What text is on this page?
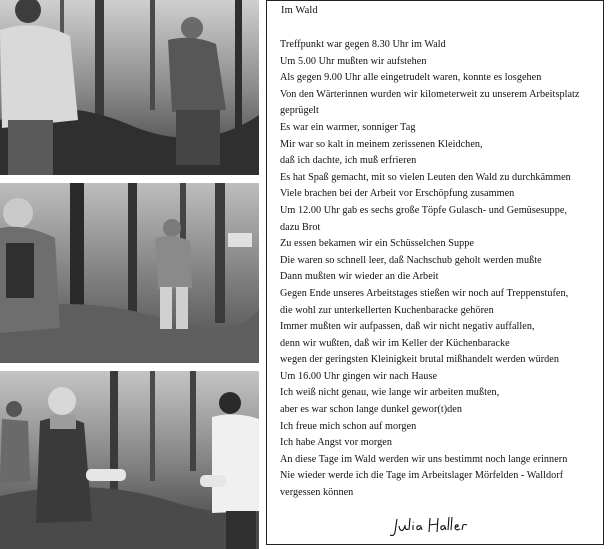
Im Wald
Treffpunkt war gegen 8.30 Uhr im Wald
Um 5.00 Uhr mußten wir aufstehen
Als gegen 9.00 Uhr alle eingetrudelt waren, konnte es losgehen
Von den Wärterinnen wurden wir kilometerweit zu unserem Arbeitsplatz
geprügelt
Es war ein warmer, sonniger Tag
Mir war so kalt in meinem zerissenen Kleidchen,
daß ich dachte, ich muß erfrieren
Es hat Spaß gemacht, mit so vielen Leuten den Wald zu durchkämmen
Viele brachen bei der Arbeit vor Erschöpfung zusammen
Um 12.00 Uhr gab es sechs große Töpfe Gulasch- und Gemüsesuppe,
dazu Brot
Zu essen bekamen wir ein Schüsselchen Suppe
Die waren so schnell leer, daß Nachschub geholt werden mußte
Dann mußten wir wieder an die Arbeit
Gegen Ende unseres Arbeitstages stießen wir noch auf Treppenstufen,
die wohl zur unterkellerten Kuchenbaracke gehören
Immer mußten wir aufpassen, daß wir nicht negativ auffallen,
denn wir wußten, daß wir im Keller der Küchenbaracke
wegen der geringsten Kleinigkeit brutal mißhandelt werden würden
Um 16.00 Uhr gingen wir nach Hause
Ich weiß nicht genau, wie lange wir arbeiten mußten,
aber es war schon lange dunkel gewor(t)den
Ich freue mich schon auf morgen
Ich habe Angst vor morgen
An diese Tage im Wald werden wir uns bestimmt noch lange erinnern
Nie wieder werde ich die Tage im Arbeitslager Mörfelden - Walldorf
vergessen können
